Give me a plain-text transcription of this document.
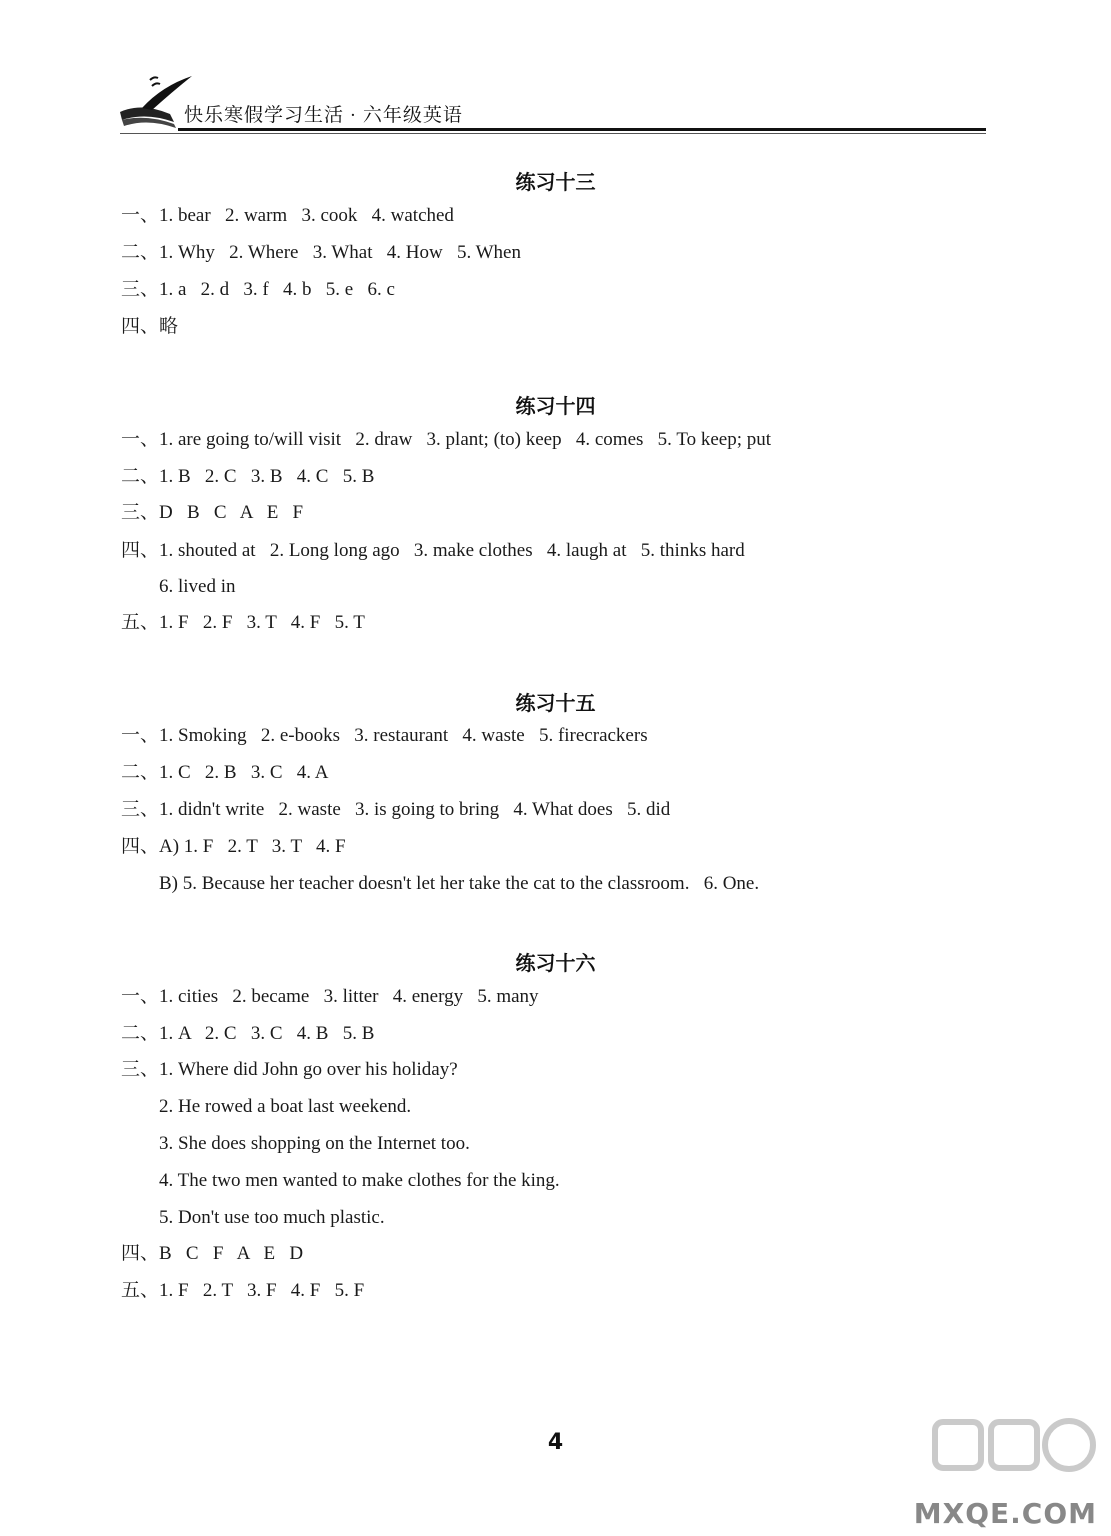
快乐寒假学习生活 · 六年级英语
练习十三
一、1. bear   2. warm   3. cook   4. watched
二、1. Why   2. Where   3. What   4. How   5. When
三、1. a   2. d   3. f   4. b   5. e   6. c
四、略
练习十四
一、1. are going to/will visit   2. draw   3. plant; (to) keep   4. comes   5. To keep; put
二、1. B   2. C   3. B   4. C   5. B
三、D   B   C   A   E   F
四、1. shouted at   2. Long long ago   3. make clothes   4. laugh at   5. thinks hard
6. lived in
五、1. F   2. F   3. T   4. F   5. T
练习十五
一、1. Smoking   2. e-books   3. restaurant   4. waste   5. firecrackers
二、1. C   2. B   3. C   4. A
三、1. didn't write   2. waste   3. is going to bring   4. What does   5. did
四、A) 1. F   2. T   3. T   4. F
B) 5. Because her teacher doesn't let her take the cat to the classroom.   6. One.
练习十六
一、1. cities   2. became   3. litter   4. energy   5. many
二、1. A   2. C   3. C   4. B   5. B
三、1. Where did John go over his holiday?
2. He rowed a boat last weekend.
3. She does shopping on the Internet too.
4. The two men wanted to make clothes for the king.
5. Don't use too much plastic.
四、B   C   F   A   E   D
五、1. F   2. T   3. F   4. F   5. F
4
MXQE.COM
